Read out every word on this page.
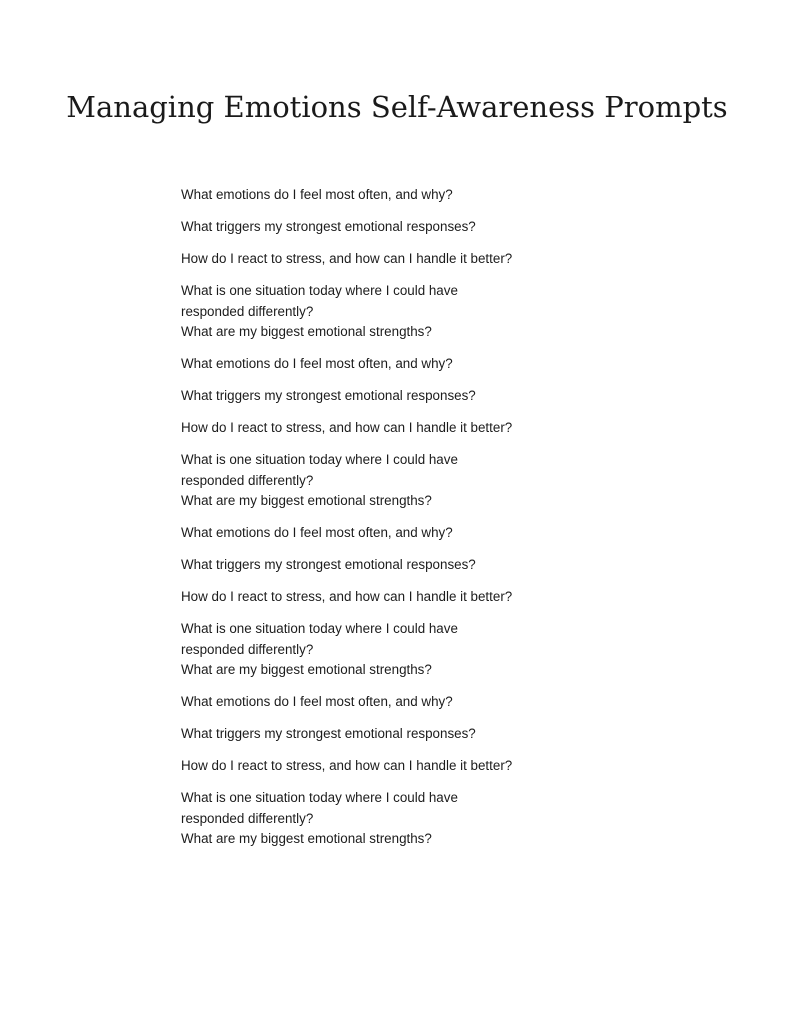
Managing Emotions Self-Awareness Prompts
What emotions do I feel most often, and why?
What triggers my strongest emotional responses?
How do I react to stress, and how can I handle it better?
What is one situation today where I could have responded differently?
What are my biggest emotional strengths?
What emotions do I feel most often, and why?
What triggers my strongest emotional responses?
How do I react to stress, and how can I handle it better?
What is one situation today where I could have responded differently?
What are my biggest emotional strengths?
What emotions do I feel most often, and why?
What triggers my strongest emotional responses?
How do I react to stress, and how can I handle it better?
What is one situation today where I could have responded differently?
What are my biggest emotional strengths?
What emotions do I feel most often, and why?
What triggers my strongest emotional responses?
How do I react to stress, and how can I handle it better?
What is one situation today where I could have responded differently?
What are my biggest emotional strengths?
